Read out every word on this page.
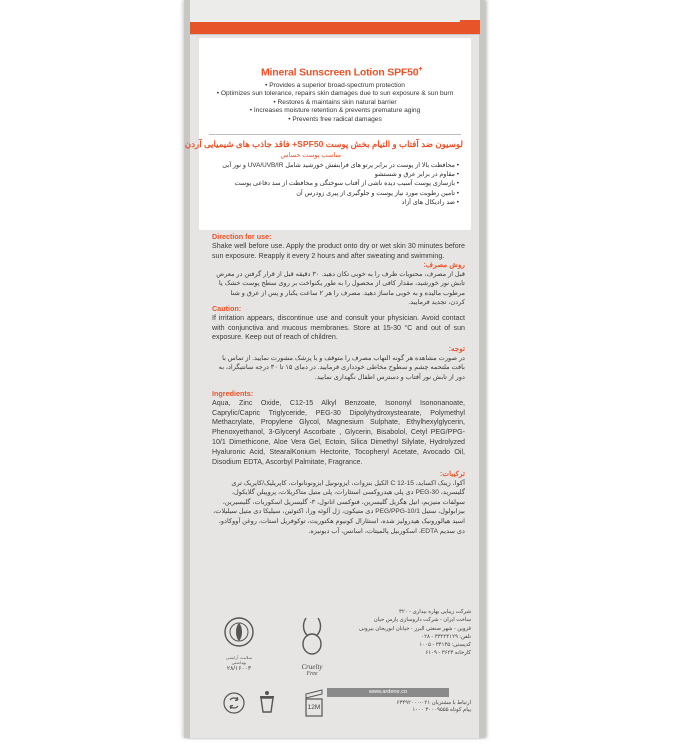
Mineral Sunscreen Lotion SPF50+
• Provides a superior broad-spectrum protection
• Optimizes sun tolerance, repairs skin damages due to sun exposure & sun burn
• Restores & maintains skin natural barrier
• Increases moisture retention & prevents premature aging
• Prevents free radical damages
لوسیون ضد آفتاب و التیام بخش پوست SPF50+ فاقد جاذب های شیمیایی آردن
مناسب پوست حساس
• محافظت بالا از پوست در برابر پرتو های فرابنفش خورشید شامل UVA/UVB/IR و نور آبی
• مقاوم در برابر عرق و شستشو
• بازسازی پوست آسیب دیده ناشی از آفتاب سوختگی و محافظت از سد دفاعی پوست
• تامین رطوبت مورد نیاز پوست و جلوگیری از پیری زودرس آن
• ضد رادیکال های آزاد
Direction for use:
Shake well before use. Apply the product onto dry or wet skin 30 minutes before sun exposure. Reapply it every 2 hours and after sweating and swimming.
روش مصرف:
قبل از مصرف، محتویات ظرف را به خوبی تکان دهید. ۳۰ دقیقه قبل از قرار گرفتن در معرض تابش نور خورشید، مقدار کافی از محصول را به طور یکنواخت بر روی سطح پوست خشک یا مرطوب مالیده و به خوبی ماساژ دهید. مصرف را هر ۲ ساعت یکبار و پس از عرق و شنا کردن، تجدید فرمایید.
Caution:
If irritation appears, discontinue use and consult your physician. Avoid contact with conjunctiva and mucous membranes. Store at 15-30 °C and out of sun exposure. Keep out of reach of children.
توجه:
در صورت مشاهده هر گونه التهاب مصرف را متوقف و با پزشک مشورت نمایید. از تماس با بافت ملتحمه چشم و سطوح مخاطی خودداری فرمایید. در دمای ۱۵ تا ۳۰ درجه سانتیگراد، به دور از تابش نور آفتاب و دسترس اطفال نگهداری نمایید.
Ingredients:
Aqua, Zinc Oxide, C12-15 Alkyl Benzoate, Isononyl Isononanoate, Caprylic/Capric Triglyceride, PEG-30 Dipolyhydroxystearate, Polymethyl Methacrylate, Propylene Glycol, Magnesium Sulphate, Ethylhexylglycerin, Phenoxyethanol, 3-Glyceryl Ascorbate , Glycerin, Bisabolol, Cetyl PEG/PPG-10/1 Dimethicone, Aloe Vera Gel, Ectoin, Silica Dimethyl Silylate, Hydrolyzed Hyaluronic Acid, StearalKonium Hectorite, Tocopheryl Acetate, Avocado Oil, Disodium EDTA, Ascorbyl Palmitate, Fragrance.
ترکیبات:
آکوا، زینک اکساید، C 12-15 الکیل بنزوات، ایزونونیل ایزونونانوات، کاپریلیک/کاپریک تری گلیسرید، PEG-30 دی پلی هیدروکسی استئارات، پلی متیل متاکریلات، پروپیلن گلایکول، سولفات منیزیم، اتیل هگزیل گلیسرین، فنوکسی اتانول، ۳- گلیسریل اسکوربات، گلیسیرین، بیزابولول، ستیل PEG/PPG-10/1 دی متیکون، ژل آلوئه ورا، اکتوئین، سیلیکا دی متیل سیلیلات، اسید هیالورونیک هیدرولیز شده، استئارال کونیوم هکتوریت، توکوفریل استات، روغن آووکادو، دی سدیم EDTA، اسکوربیل پالمیتات، اسانس، آب دیونیزه.
سلامت آرایشی بهداشتی
۲۸/۱۶۰۰۳	Cruelty
Free
شرکت زیبایی بهاره بیداری - ۳۲۰
ساخت ایران - شرکت داروسازی پارس حیان
قزوین - شهر صنعتی البرز - خیابان ابوریحان بیرونی
تلفن: ۳۳۲۲۴۱۲۹ - ۰۲۸
کدپستی: ۳۴۱۳۵ - ۱۰۰۵
کارخانه ۳۶۲۳ - ۶۱۰۹
12M
www.ardene.co
ارتباط با مشتریان ۰۲۱-۶۳۴۹۲۰۰۰
پیام کوتاه ۳۰۰۰۹۵۵۵ ۱۰۰۰
